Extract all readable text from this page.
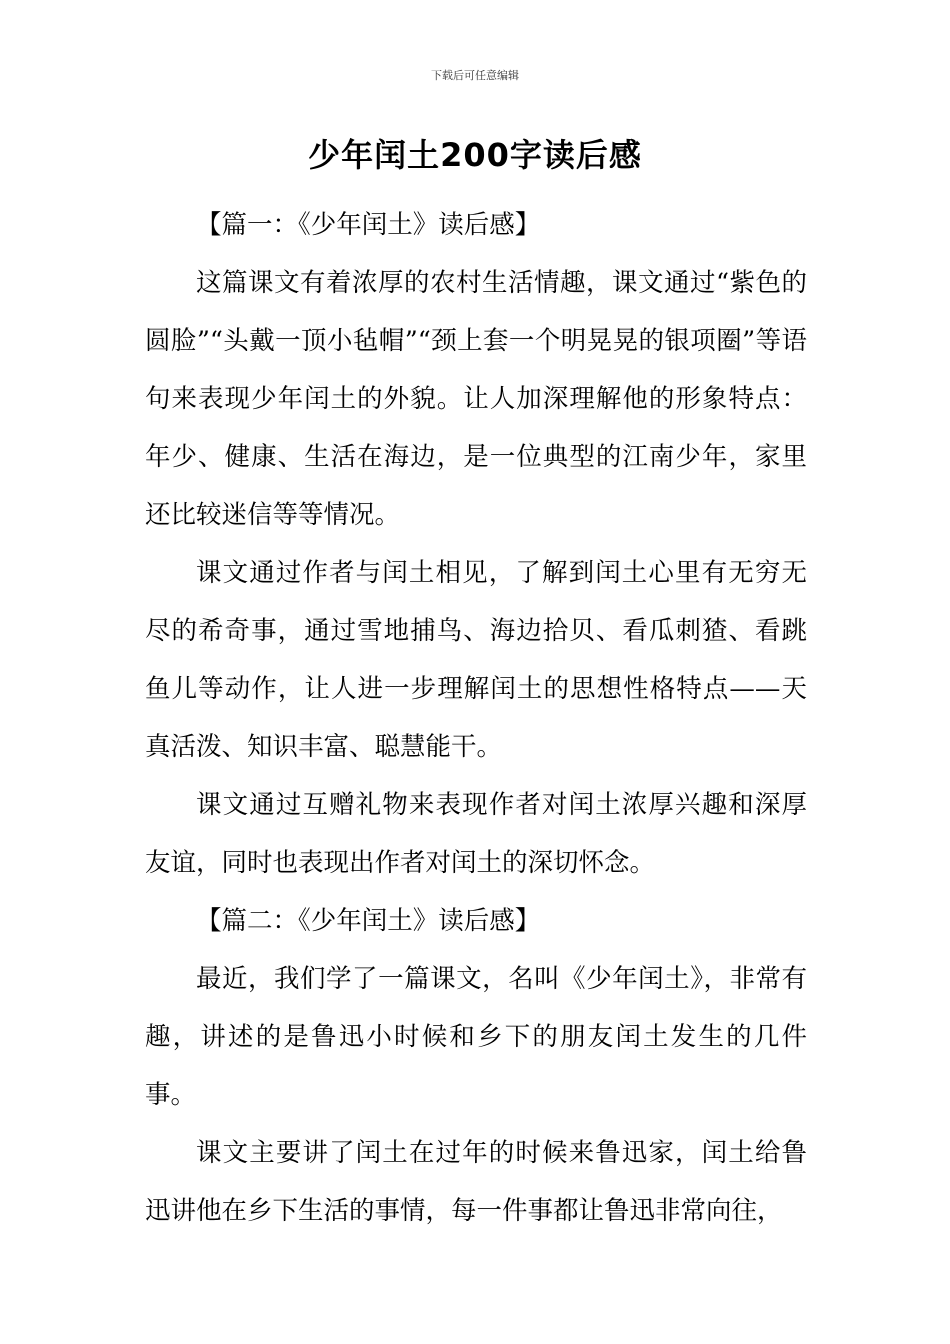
下载后可任意编辑
少年闰土200字读后感

【篇一：《少年闰土》读后感】

这篇课文有着浓厚的农村生活情趣，课文通过“紫色的圆脸”“头戴一顶小毡帽”“颈上套一个明晃晃的银项圈”等语句来表现少年闰土的外貌。让人加深理解他的形象特点：年少、健康、生活在海边，是一位典型的江南少年，家里还比较迷信等等情况。

课文通过作者与闰土相见，了解到闰土心里有无穷无尽的希奇事，通过雪地捕鸟、海边拾贝、看瓜刺猹、看跳鱼儿等动作，让人进一步理解闰土的思想性格特点——天真活泼、知识丰富、聪慧能干。

课文通过互赠礼物来表现作者对闰土浓厚兴趣和深厚友谊，同时也表现出作者对闰土的深切怀念。

【篇二：《少年闰土》读后感】

最近，我们学了一篇课文，名叫《少年闰土》，非常有趣，讲述的是鲁迅小时候和乡下的朋友闰土发生的几件事。

课文主要讲了闰土在过年的时候来鲁迅家，闰土给鲁迅讲他在乡下生活的事情，每一件事都让鲁迅非常向往，
